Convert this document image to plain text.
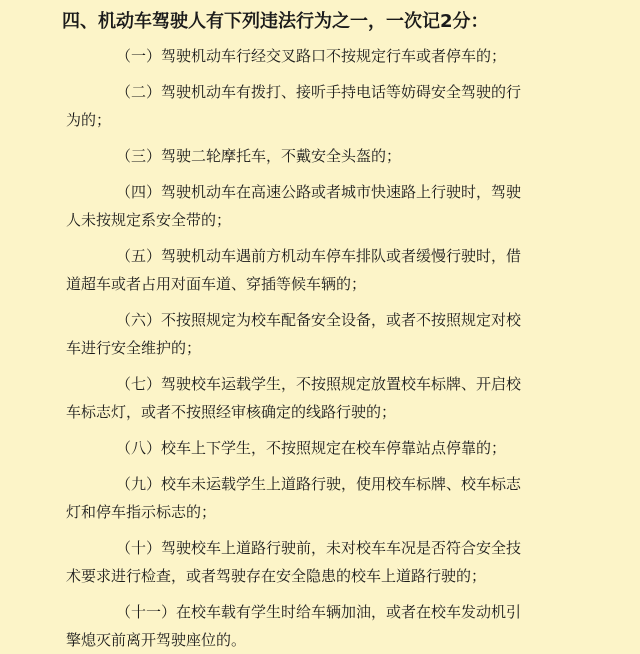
四、机动车驾驶人有下列违法行为之一，一次记2分：
（一）驾驶机动车行经交叉路口不按规定行车或者停车的；
（二）驾驶机动车有拨打、接听手持电话等妨碍安全驾驶的行
为的；
（三）驾驶二轮摩托车，不戴安全头盔的；
（四）驾驶机动车在高速公路或者城市快速路上行驶时，驾驶
人未按规定系安全带的；
（五）驾驶机动车遇前方机动车停车排队或者缓慢行驶时，借
道超车或者占用对面车道、穿插等候车辆的；
（六）不按照规定为校车配备安全设备，或者不按照规定对校
车进行安全维护的；
（七）驾驶校车运载学生，不按照规定放置校车标牌、开启校
车标志灯，或者不按照经审核确定的线路行驶的；
（八）校车上下学生，不按照规定在校车停靠站点停靠的；
（九）校车未运载学生上道路行驶，使用校车标牌、校车标志
灯和停车指示标志的；
（十）驾驶校车上道路行驶前，未对校车车况是否符合安全技
术要求进行检查，或者驾驶存在安全隐患的校车上道路行驶的；
（十一）在校车载有学生时给车辆加油，或者在校车发动机引
擎熄灭前离开驾驶座位的。
